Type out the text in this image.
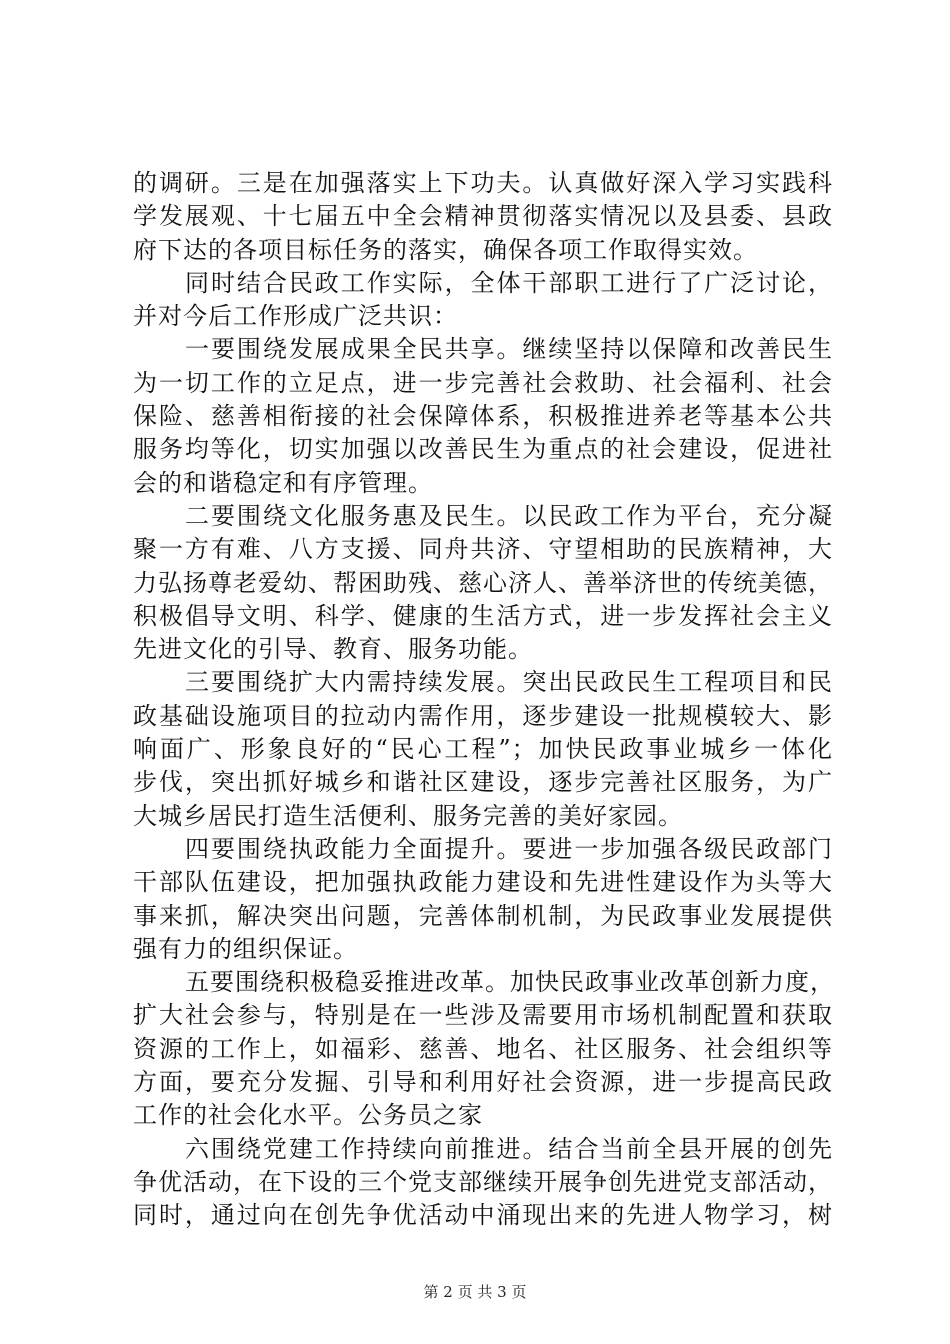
的调研。三是在加强落实上下功夫。认真做好深入学习实践科
学发展观、十七届五中全会精神贯彻落实情况以及县委、县政
府下达的各项目标任务的落实，确保各项工作取得实效。
同时结合民政工作实际，全体干部职工进行了广泛讨论，
并对今后工作形成广泛共识：
一要围绕发展成果全民共享。继续坚持以保障和改善民生
为一切工作的立足点，进一步完善社会救助、社会福利、社会
保险、慈善相衔接的社会保障体系，积极推进养老等基本公共
服务均等化，切实加强以改善民生为重点的社会建设，促进社
会的和谐稳定和有序管理。
二要围绕文化服务惠及民生。以民政工作为平台，充分凝
聚一方有难、八方支援、同舟共济、守望相助的民族精神，大
力弘扬尊老爱幼、帮困助残、慈心济人、善举济世的传统美德，
积极倡导文明、科学、健康的生活方式，进一步发挥社会主义
先进文化的引导、教育、服务功能。
三要围绕扩大内需持续发展。突出民政民生工程项目和民
政基础设施项目的拉动内需作用，逐步建设一批规模较大、影
响面广、形象良好的“民心工程”；加快民政事业城乡一体化
步伐，突出抓好城乡和谐社区建设，逐步完善社区服务，为广
大城乡居民打造生活便利、服务完善的美好家园。
四要围绕执政能力全面提升。要进一步加强各级民政部门
干部队伍建设，把加强执政能力建设和先进性建设作为头等大
事来抓，解决突出问题，完善体制机制，为民政事业发展提供
强有力的组织保证。
五要围绕积极稳妥推进改革。加快民政事业改革创新力度，
扩大社会参与，特别是在一些涉及需要用市场机制配置和获取
资源的工作上，如福彩、慈善、地名、社区服务、社会组织等
方面，要充分发掘、引导和利用好社会资源，进一步提高民政
工作的社会化水平。公务员之家
六围绕党建工作持续向前推进。结合当前全县开展的创先
争优活动，在下设的三个党支部继续开展争创先进党支部活动，
同时，通过向在创先争优活动中涌现出来的先进人物学习，树
第 2 页 共 3 页
